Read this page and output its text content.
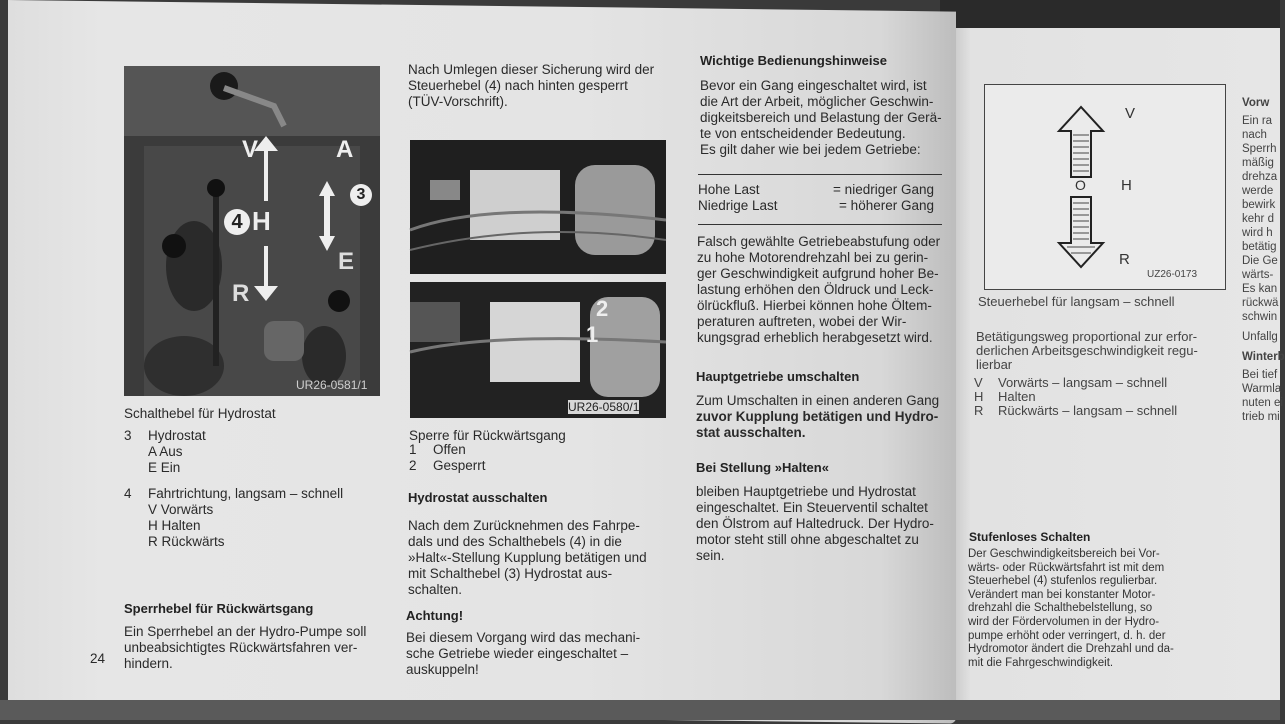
V	A
4 H
3
R
E
UR26-0581/1
Schalthebel für Hydrostat
3	Hydrostat
A Aus
E Ein
4	Fahrtrichtung, langsam – schnell
V Vorwärts
H Halten
R Rückwärts
Sperrhebel für Rückwärtsgang
Ein Sperrhebel an der Hydro-Pumpe soll
unbeabsichtigtes Rückwärtsfahren ver-
hindern.
24
Nach Umlegen dieser Sicherung wird der
Steuerhebel (4) nach hinten gesperrt
(TÜV-Vorschrift).
1
2
UR26-0580/1
Sperre für Rückwärtsgang
1	Offen
2	Gesperrt
Hydrostat ausschalten
Nach dem Zurücknehmen des Fahrpe-
dals und des Schalthebels (4) in die
»Halt«-Stellung Kupplung betätigen und
mit Schalthebel (3) Hydrostat aus-
schalten.
Achtung!
Bei diesem Vorgang wird das mechani-
sche Getriebe wieder eingeschaltet –
auskuppeln!
Wichtige Bedienungshinweise
Bevor ein Gang eingeschaltet wird, ist
die Art der Arbeit, möglicher Geschwin-
digkeitsbereich und Belastung der Gerä-
te von entscheidender Bedeutung.
Es gilt daher wie bei jedem Getriebe:
Hohe Last	= niedriger Gang
Niedrige Last	= höherer Gang
Falsch gewählte Getriebeabstufung oder
zu hohe Motorendrehzahl bei zu gerin-
ger Geschwindigkeit aufgrund hoher Be-
lastung erhöhen den Öldruck und Leck-
ölrückfluß. Hierbei können hohe Öltem-
peraturen auftreten, wobei der Wir-
kungsgrad erheblich herabgesetzt wird.
Hauptgetriebe umschalten
Zum Umschalten in einen anderen Gang
zuvor Kupplung betätigen und Hydro-
stat ausschalten.
Bei Stellung »Halten«
bleiben Hauptgetriebe und Hydrostat
eingeschaltet. Ein Steuerventil schaltet
den Ölstrom auf Haltedruck. Der Hydro-
motor steht still ohne abgeschaltet zu
sein.
V
O H
R
UZ26-0173
Steuerhebel für langsam – schnell
Betätigungsweg proportional zur erfor-
derlichen Arbeitsgeschwindigkeit regu-
lierbar
V	Vorwärts – langsam – schnell
H	Halten
R	Rückwärts – langsam – schnell
Stufenloses Schalten
Der Geschwindigkeitsbereich bei Vor-
wärts- oder Rückwärtsfahrt ist mit dem
Steuerhebel (4) stufenlos regulierbar.
Verändert man bei konstanter Motor-
drehzahl die Schalthebelstellung, so
wird der Fördervolumen in der Hydro-
pumpe erhöht oder verringert, d. h. der
Hydromotor ändert die Drehzahl und da-
mit die Fahrgeschwindigkeit.
Vorw
Ein ra
nach
Sperrh
mäßig
drehza
werde
bewirk
kehr d
wird h
betätig
Die Ge
wärts-
Es kan
rückwä
schwin
Unfallg
Winterb
Bei tief
Warmla
nuten ei
trieb mi
